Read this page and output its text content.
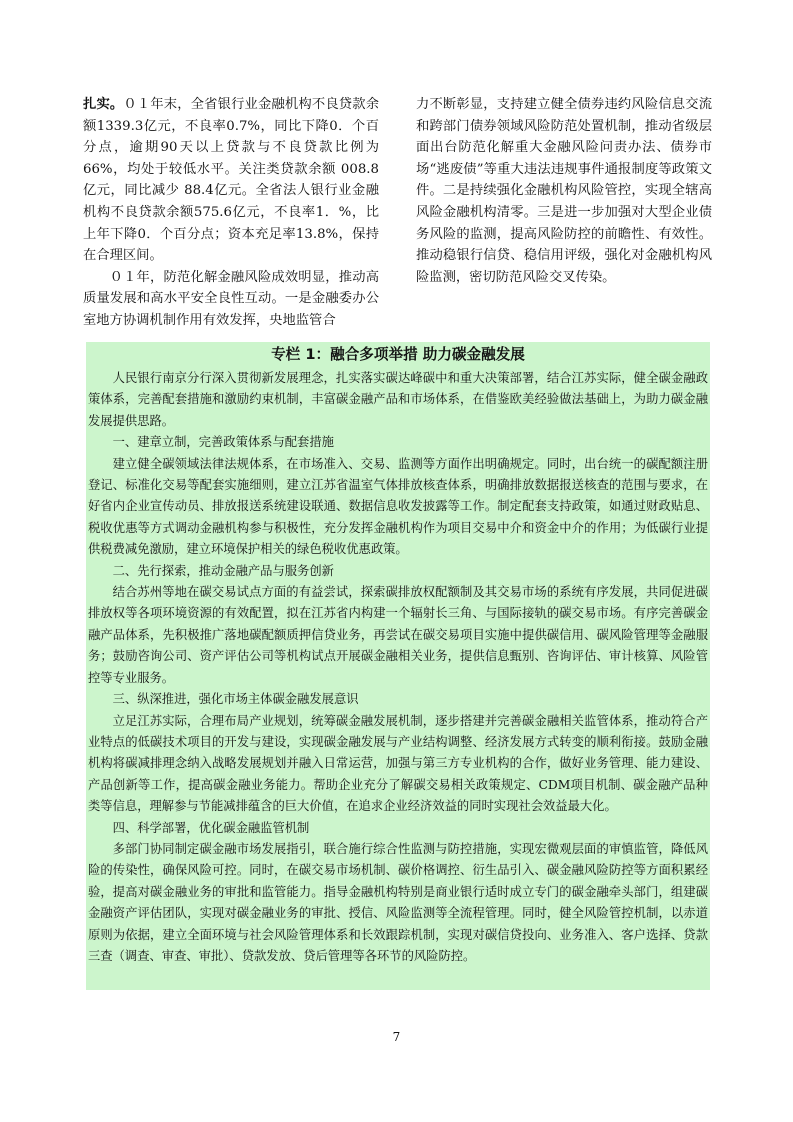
扎实。０１年末，全省银行业金融机构不良贷款余额1339.3亿元，不良率0.7%，同比下降0．个百分点，逾期90天以上贷款与不良贷款比例为66%，均处于较低水平。关注类贷款余额 008.8亿元，同比减少 88.4亿元。全省法人银行业金融机构不良贷款余额575.6亿元，不良率1．%，比上年下降0．个百分点；资本充足率13.8%，保持在合理区间。

０１年，防范化解金融风险成效明显，推动高质量发展和高水平安全良性互动。一是金融委办公室地方协调机制作用有效发挥，央地监管合

力不断彰显，支持建立健全债券违约风险信息交流和跨部门债券领域风险防范处置机制，推动省级层面出台防范化解重大金融风险问责办法、债券市场“逃废债”等重大违法违规事件通报制度等政策文件。二是持续强化金融机构风险管控，实现全辖高风险金融机构清零。三是进一步加强对大型企业债务风险的监测，提高风险防控的前瞻性、有效性。推动稳银行信贷、稳信用评级，强化对金融机构风险监测，密切防范风险交叉传染。

专栏 1：融合多项举措 助力碳金融发展

人民银行南京分行深入贯彻新发展理念，扎实落实碳达峰碳中和重大决策部署，结合江苏实际，健全碳金融政策体系，完善配套措施和激励约束机制，丰富碳金融产品和市场体系，在借鉴欧美经验做法基础上，为助力碳金融发展提供思路。

一、建章立制，完善政策体系与配套措施

建立健全碳领域法律法规体系，在市场准入、交易、监测等方面作出明确规定。同时，出台统一的碳配额注册登记、标准化交易等配套实施细则，建立江苏省温室气体排放核查体系，明确排放数据报送核查的范围与要求，在好省内企业宣传动员、排放报送系统建设联通、数据信息收发披露等工作。制定配套支持政策，如通过财政贴息、税收优惠等方式调动金融机构参与积极性，充分发挥金融机构作为项目交易中介和资金中介的作用；为低碳行业提供税费减免激励，建立环境保护相关的绿色税收优惠政策。

二、先行探索，推动金融产品与服务创新

结合苏州等地在碳交易试点方面的有益尝试，探索碳排放权配额制及其交易市场的系统有序发展，共同促进碳排放权等各项环境资源的有效配置，拟在江苏省内构建一个辐射长三角、与国际接轨的碳交易市场。有序完善碳金融产品体系，先积极推广落地碳配额质押信贷业务，再尝试在碳交易项目实施中提供碳信用、碳风险管理等金融服务；鼓励咨询公司、资产评估公司等机构试点开展碳金融相关业务，提供信息甄别、咨询评估、审计核算、风险管控等专业服务。

三、纵深推进，强化市场主体碳金融发展意识

立足江苏实际，合理布局产业规划，统筹碳金融发展机制，逐步搭建并完善碳金融相关监管体系，推动符合产业特点的低碳技术项目的开发与建设，实现碳金融发展与产业结构调整、经济发展方式转变的顺利衔接。鼓励金融机构将碳减排理念纳入战略发展规划并融入日常运营，加强与第三方专业机构的合作，做好业务管理、能力建设、产品创新等工作，提高碳金融业务能力。帮助企业充分了解碳交易相关政策规定、CDM项目机制、碳金融产品种类等信息，理解参与节能减排蕴含的巨大价值，在追求企业经济效益的同时实现社会效益最大化。

四、科学部署，优化碳金融监管机制

多部门协同制定碳金融市场发展指引，联合施行综合性监测与防控措施，实现宏微观层面的审慎监管，降低风险的传染性，确保风险可控。同时，在碳交易市场机制、碳价格调控、衍生品引入、碳金融风险防控等方面积累经验，提高对碳金融业务的审批和监管能力。指导金融机构特别是商业银行适时成立专门的碳金融牵头部门，组建碳金融资产评估团队，实现对碳金融业务的审批、授信、风险监测等全流程管理。同时，健全风险管控机制，以赤道原则为依据，建立全面环境与社会风险管理体系和长效跟踪机制，实现对碳信贷投向、业务准入、客户选择、贷款三查（调查、审查、审批）、贷款发放、贷后管理等各环节的风险防控。

7
